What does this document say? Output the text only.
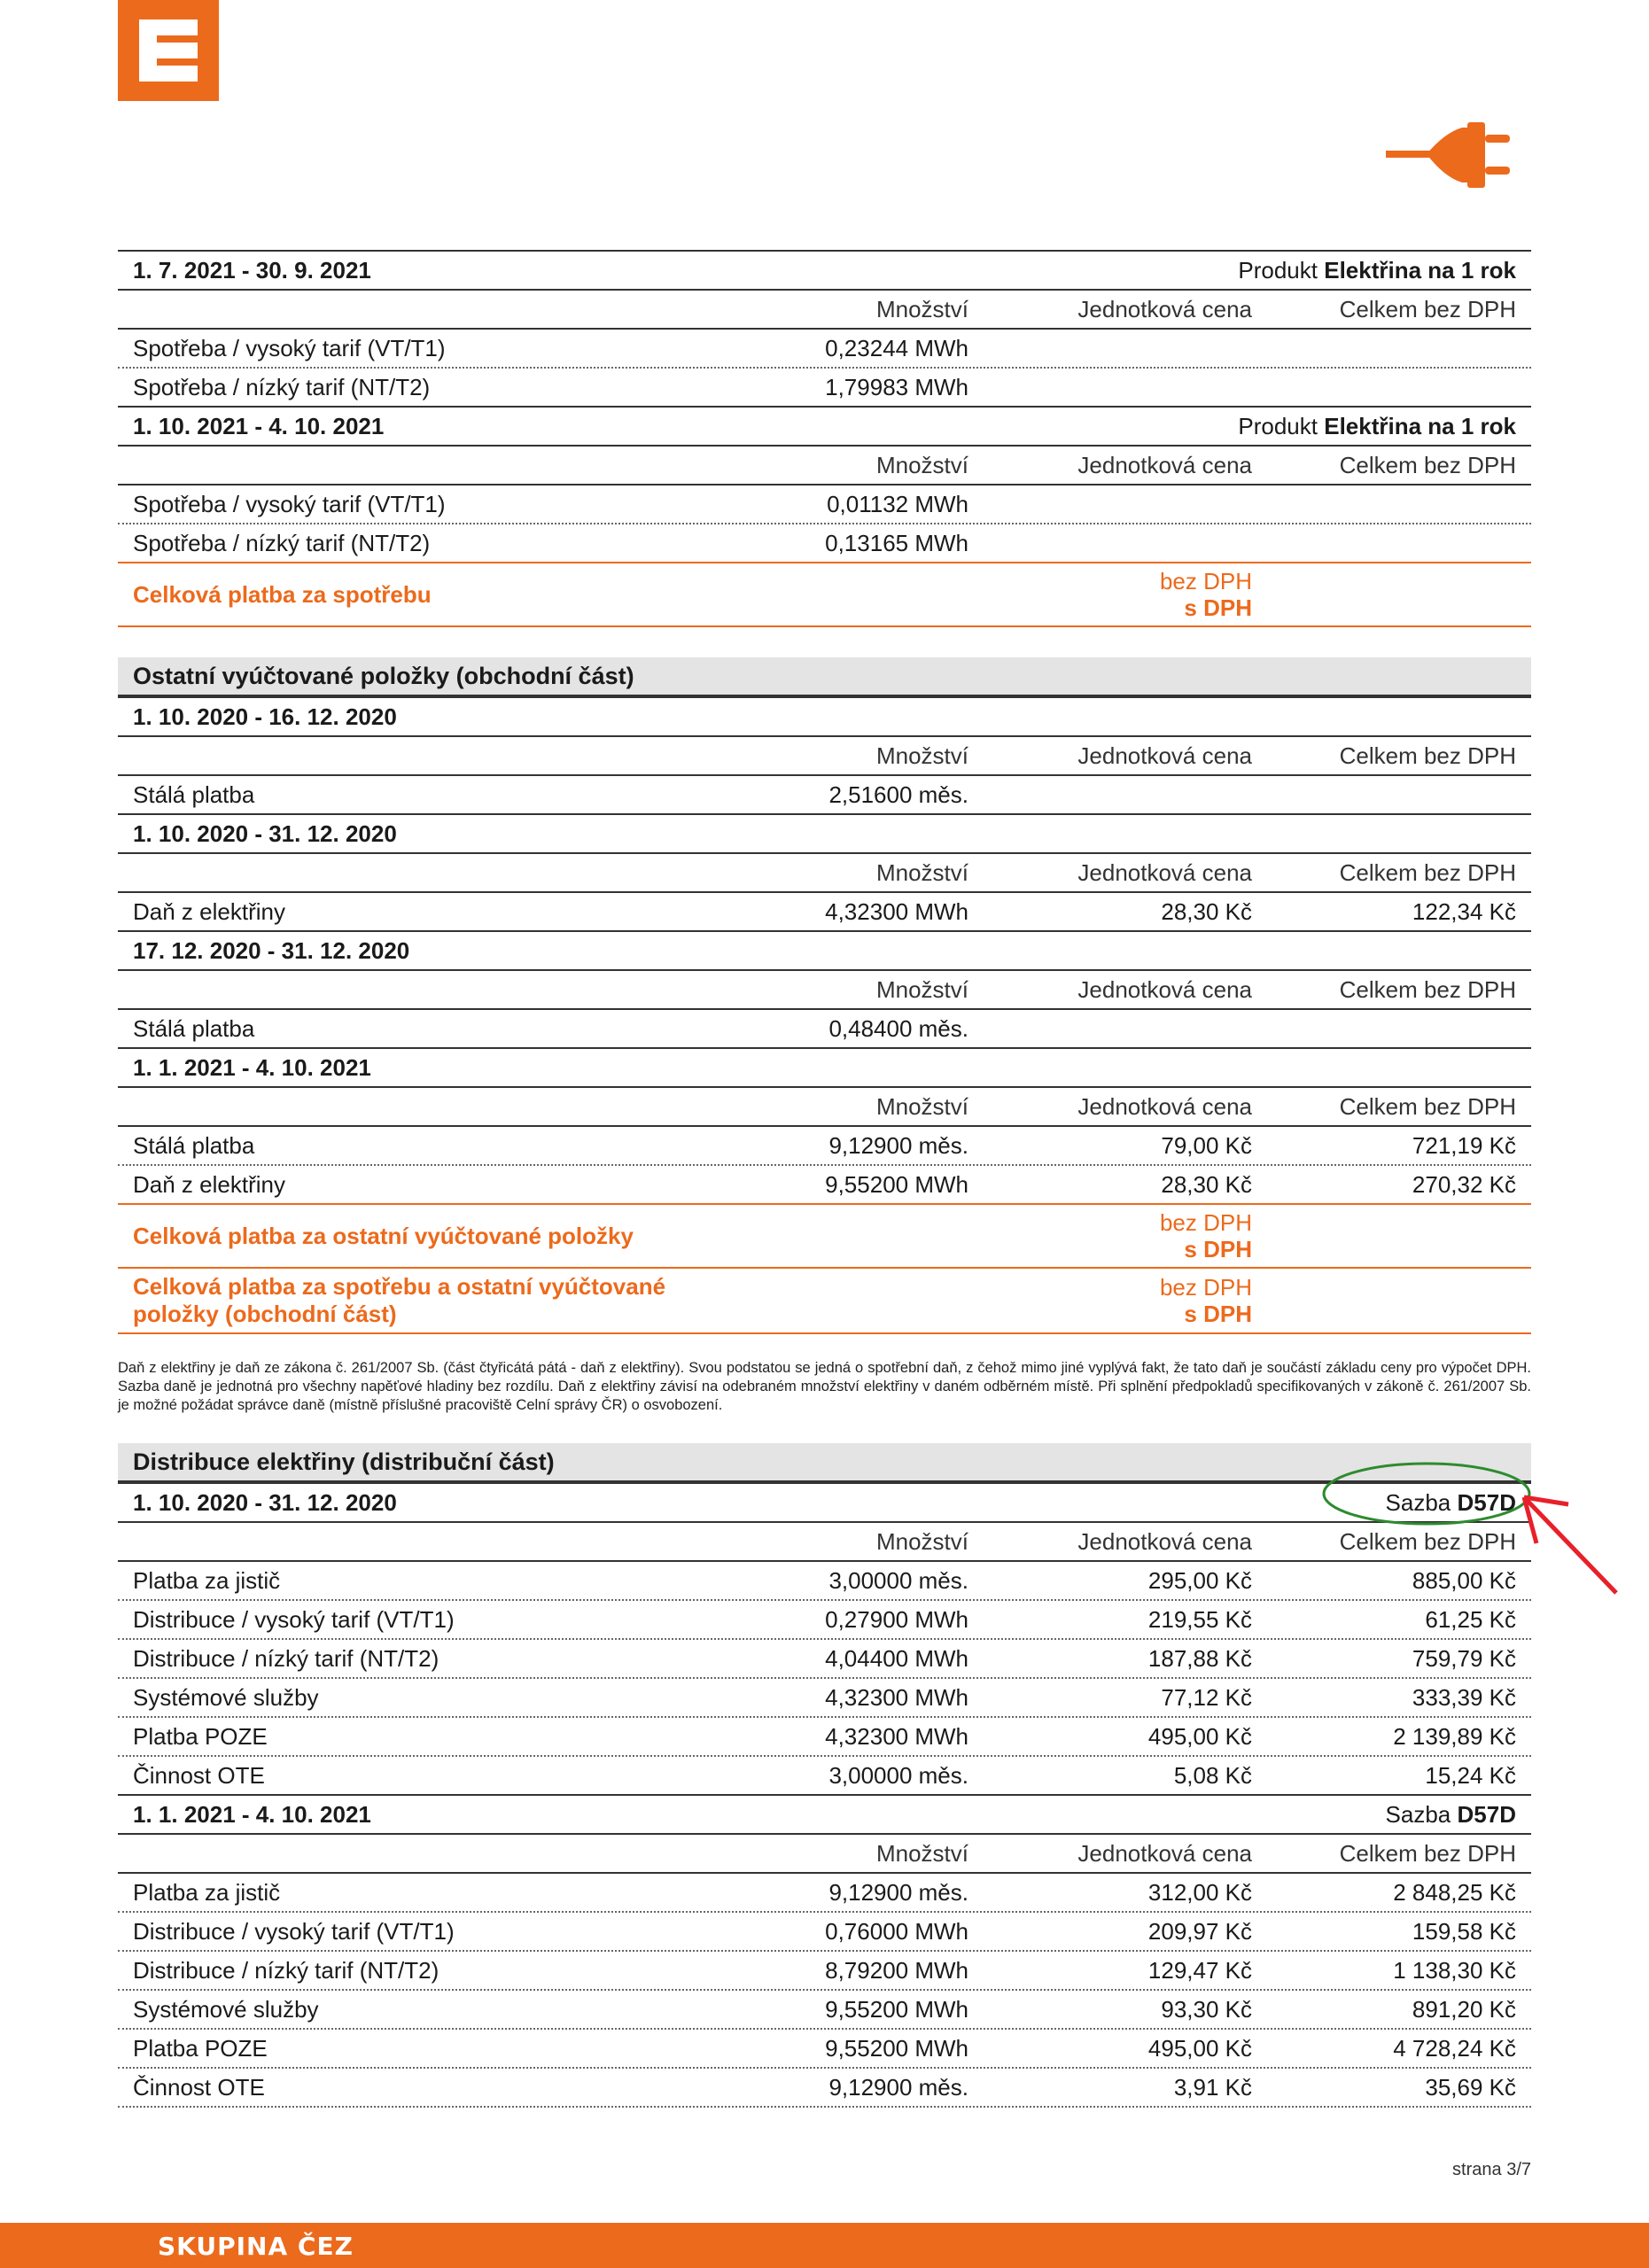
1. 7. 2021 - 30. 9. 2021	Produkt Elektřina na 1 rok
Množství	Jednotková cena	Celkem bez DPH
Spotřeba / vysoký tarif (VT/T1)	0,23244 MWh
Spotřeba / nízký tarif (NT/T2)	1,79983 MWh
1. 10. 2021 - 4. 10. 2021	Produkt Elektřina na 1 rok
Množství	Jednotková cena	Celkem bez DPH
Spotřeba / vysoký tarif (VT/T1)	0,01132 MWh
Spotřeba / nízký tarif (NT/T2)	0,13165 MWh
Celková platba za spotřebu	bez DPH
s DPH
Ostatní vyúčtované položky (obchodní část)
1. 10. 2020 - 16. 12. 2020
Množství	Jednotková cena	Celkem bez DPH
Stálá platba	2,51600 měs.
1. 10. 2020 - 31. 12. 2020
Množství	Jednotková cena	Celkem bez DPH
Daň z elektřiny	4,32300 MWh	28,30 Kč	122,34 Kč
17. 12. 2020 - 31. 12. 2020
Množství	Jednotková cena	Celkem bez DPH
Stálá platba	0,48400 měs.
1. 1. 2021 - 4. 10. 2021
Množství	Jednotková cena	Celkem bez DPH
Stálá platba	9,12900 měs.	79,00 Kč	721,19 Kč
Daň z elektřiny	9,55200 MWh	28,30 Kč	270,32 Kč
Celková platba za ostatní vyúčtované položky	bez DPH
s DPH
Celková platba za spotřebu a ostatní vyúčtované položky (obchodní část)
bez DPH
s DPH
Daň z elektřiny je daň ze zákona č. 261/2007 Sb. (část čtyřicátá pátá - daň z elektřiny). Svou podstatou se jedná o spotřební daň, z čehož mimo jiné vyplývá fakt, že tato daň je součástí základu ceny pro výpočet DPH. Sazba daně je jednotná pro všechny napěťové hladiny bez rozdílu. Daň z elektřiny závisí na odebraném množství elektřiny v daném odběrném místě. Při splnění předpokladů specifikovaných v zákoně č. 261/2007 Sb. je možné požádat správce daně (místně příslušné pracoviště Celní správy ČR) o osvobození.
Distribuce elektřiny (distribuční část)
1. 10. 2020 - 31. 12. 2020	Sazba D57D
Množství	Jednotková cena	Celkem bez DPH
Platba za jistič	3,00000 měs.	295,00 Kč	885,00 Kč
Distribuce / vysoký tarif (VT/T1)	0,27900 MWh	219,55 Kč	61,25 Kč
Distribuce / nízký tarif (NT/T2)	4,04400 MWh	187,88 Kč	759,79 Kč
Systémové služby	4,32300 MWh	77,12 Kč	333,39 Kč
Platba POZE	4,32300 MWh	495,00 Kč	2 139,89 Kč
Činnost OTE	3,00000 měs.	5,08 Kč	15,24 Kč
1. 1. 2021 - 4. 10. 2021	Sazba D57D
Množství	Jednotková cena	Celkem bez DPH
Platba za jistič	9,12900 měs.	312,00 Kč	2 848,25 Kč
Distribuce / vysoký tarif (VT/T1)	0,76000 MWh	209,97 Kč	159,58 Kč
Distribuce / nízký tarif (NT/T2)	8,79200 MWh	129,47 Kč	1 138,30 Kč
Systémové služby	9,55200 MWh	93,30 Kč	891,20 Kč
Platba POZE	9,55200 MWh	495,00 Kč	4 728,24 Kč
Činnost OTE	9,12900 měs.	3,91 Kč	35,69 Kč
strana 3/7
SKUPINA ČEZ
